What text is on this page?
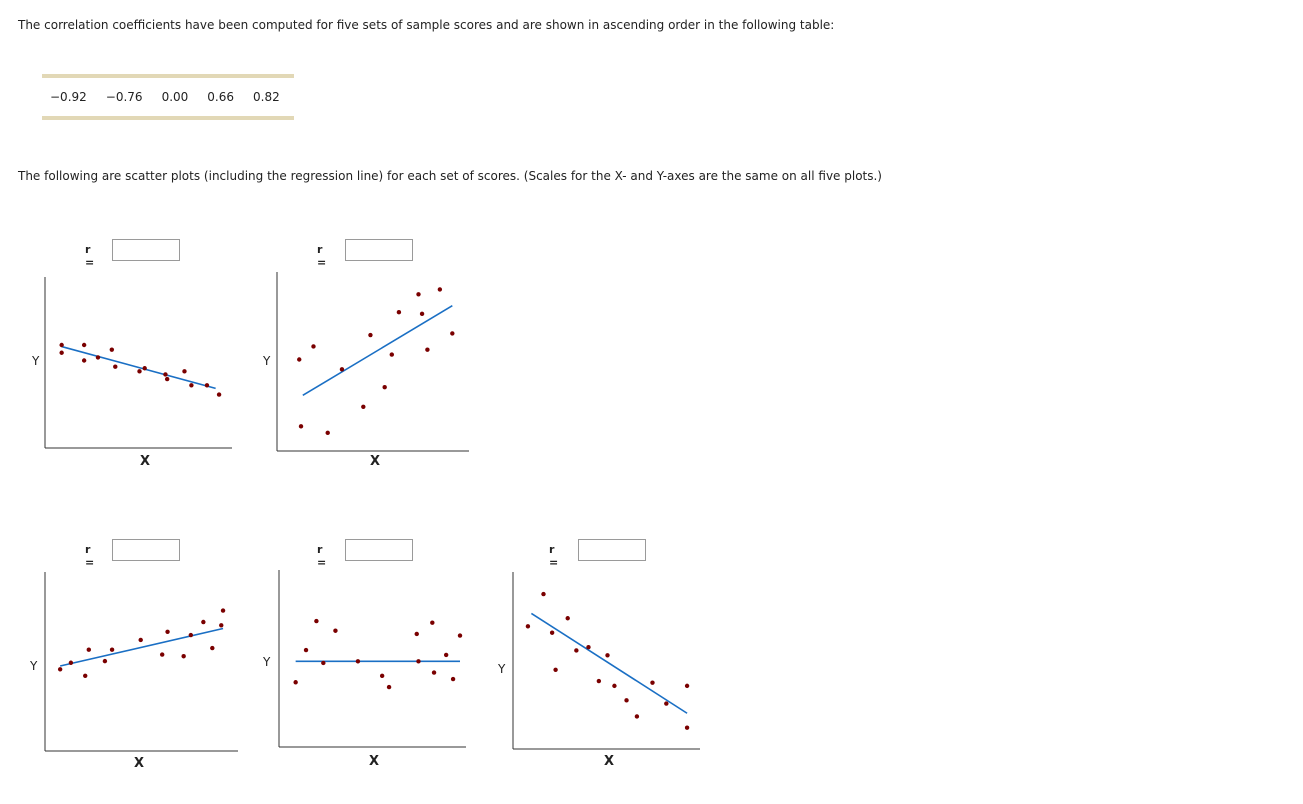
The correlation coefficients have been computed for five sets of sample scores and are shown in ascending order in the following table:
−0.92 −0.76 0.00 0.66 0.82
The following are scatter plots (including the regression line) for each set of scores. (Scales for the X- and Y-axes are the same on all five plots.)
r =
Y
X
r =
Y
X
r =
Y
X
r =
Y
X
r =
Y
X
